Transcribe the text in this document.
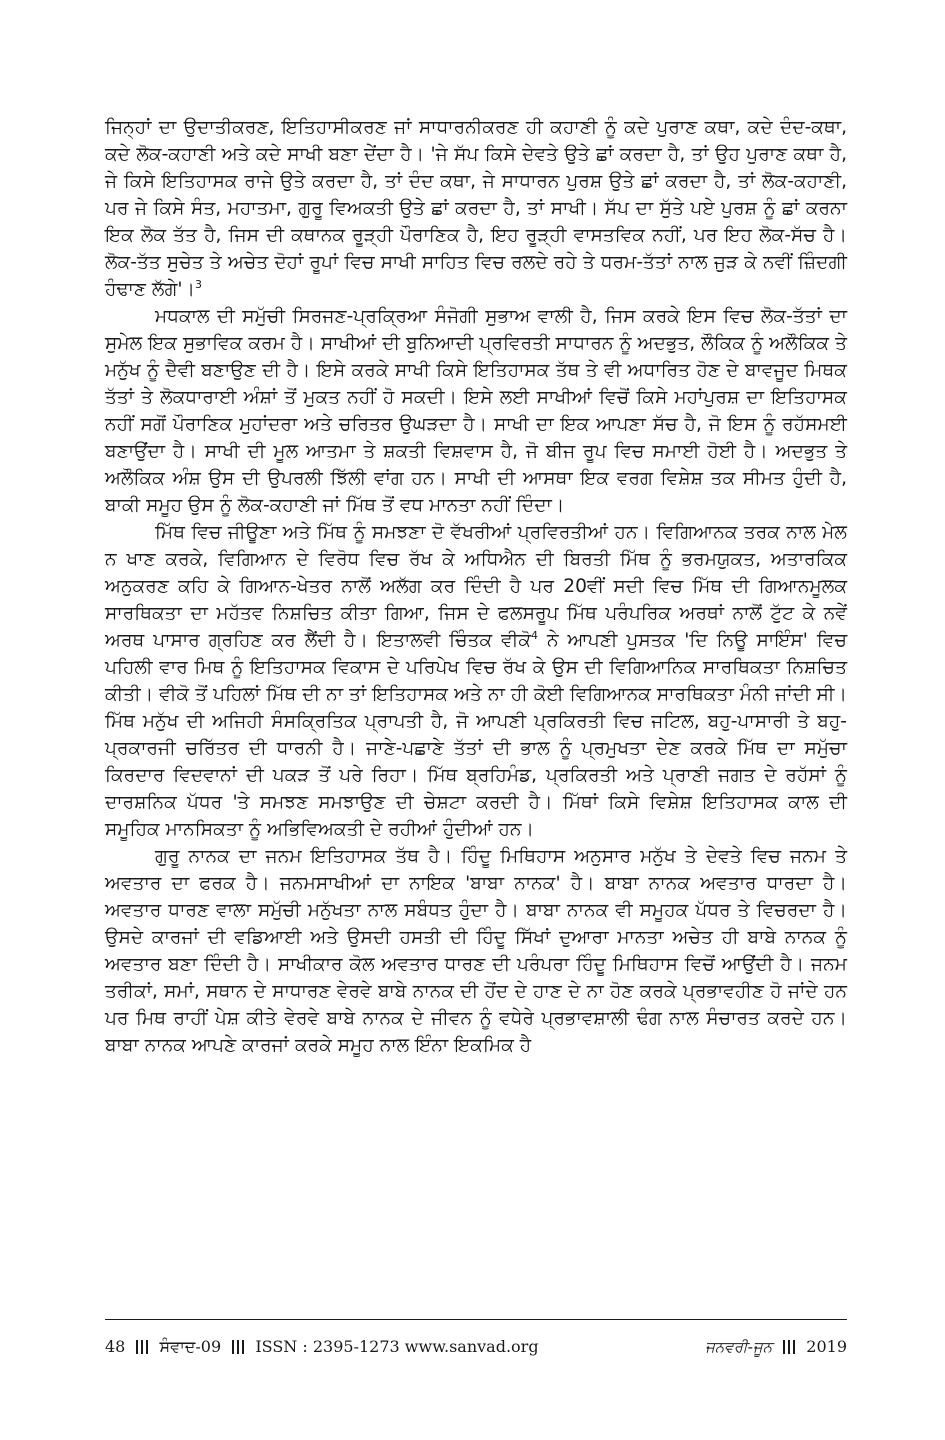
ਜਿਨ੍ਹਾਂ ਦਾ ਉਦਾਤੀਕਰਣ, ਇਤਿਹਾਸੀਕਰਣ ਜਾਂ ਸਾਧਾਰਨੀਕਰਣ ਹੀ ਕਹਾਣੀ ਨੂੰ ਕਦੇ ਪੁਰਾਣ ਕਥਾ, ਕਦੇ ਦੰਦ-ਕਥਾ, ਕਦੇ ਲੋਕ-ਕਹਾਣੀ ਅਤੇ ਕਦੇ ਸਾਖੀ ਬਣਾ ਦੇਂਦਾ ਹੈ। 'ਜੇ ਸੱਪ ਕਿਸੇ ਦੇਵਤੇ ਉਤੇ ਛਾਂ ਕਰਦਾ ਹੈ, ਤਾਂ ਉਹ ਪੁਰਾਣ ਕਥਾ ਹੈ, ਜੇ ਕਿਸੇ ਇਤਿਹਾਸਕ ਰਾਜੇ ਉਤੇ ਕਰਦਾ ਹੈ, ਤਾਂ ਦੰਦ ਕਥਾ, ਜੇ ਸਾਧਾਰਨ ਪੁਰਸ਼ ਉਤੇ ਛਾਂ ਕਰਦਾ ਹੈ, ਤਾਂ ਲੋਕ-ਕਹਾਣੀ, ਪਰ ਜੇ ਕਿਸੇ ਸੰਤ, ਮਹਾਤਮਾ, ਗੁਰੂ ਵਿਅਕਤੀ ਉਤੇ ਛਾਂ ਕਰਦਾ ਹੈ, ਤਾਂ ਸਾਖੀ। ਸੱਪ ਦਾ ਸੁੱਤੇ ਪਏ ਪੁਰਸ਼ ਨੂੰ ਛਾਂ ਕਰਨਾ ਇਕ ਲੋਕ ਤੱਤ ਹੈ, ਜਿਸ ਦੀ ਕਥਾਨਕ ਰੂੜ੍ਹੀ ਪੌਰਾਣਿਕ ਹੈ, ਇਹ ਰੂੜ੍ਹੀ ਵਾਸਤਵਿਕ ਨਹੀਂ, ਪਰ ਇਹ ਲੋਕ-ਸੱਚ ਹੈ। ਲੋਕ-ਤੱਤ ਸੁਚੇਤ ਤੇ ਅਚੇਤ ਦੋਹਾਂ ਰੂਪਾਂ ਵਿਚ ਸਾਖੀ ਸਾਹਿਤ ਵਿਚ ਰਲਦੇ ਰਹੇ ਤੇ ਧਰਮ-ਤੱਤਾਂ ਨਾਲ ਜੁੜ ਕੇ ਨਵੀਂ ਜ਼ਿੰਦਗੀ ਹੰਢਾਣ ਲੱਗੇ'।$^3$

ਮਧਕਾਲ ਦੀ ਸਮੁੱਚੀ ਸਿਰਜਣ-ਪ੍ਰਕ੍ਰਿਆ ਸੰਜੋਗੀ ਸੁਭਾਅ ਵਾਲੀ ਹੈ, ਜਿਸ ਕਰਕੇ ਇਸ ਵਿਚ ਲੋਕ-ਤੱਤਾਂ ਦਾ ਸੁਮੇਲ ਇਕ ਸੁਭਾਵਿਕ ਕਰਮ ਹੈ। ਸਾਖੀਆਂ ਦੀ ਬੁਨਿਆਦੀ ਪ੍ਰਵਿਰਤੀ ਸਾਧਾਰਨ ਨੂੰ ਅਦਭੁਤ, ਲੌਕਿਕ ਨੂੰ ਅਲੌਕਿਕ ਤੇ ਮਨੁੱਖ ਨੂੰ ਦੈਵੀ ਬਣਾਉਣ ਦੀ ਹੈ। ਇਸੇ ਕਰਕੇ ਸਾਖੀ ਕਿਸੇ ਇਤਿਹਾਸਕ ਤੱਥ ਤੇ ਵੀ ਅਧਾਰਿਤ ਹੋਣ ਦੇ ਬਾਵਜੂਦ ਮਿਥਕ ਤੱਤਾਂ ਤੇ ਲੋਕਧਾਰਾਈ ਅੰਸ਼ਾਂ ਤੋਂ ਮੁਕਤ ਨਹੀਂ ਹੋ ਸਕਦੀ। ਇਸੇ ਲਈ ਸਾਖੀਆਂ ਵਿਚੋਂ ਕਿਸੇ ਮਹਾਂਪੁਰਸ਼ ਦਾ ਇਤਿਹਾਸਕ ਨਹੀਂ ਸਗੋਂ ਪੌਰਾਣਿਕ ਮੁਹਾਂਦਰਾ ਅਤੇ ਚਰਿਤਰ ਉਘੜਦਾ ਹੈ। ਸਾਖੀ ਦਾ ਇਕ ਆਪਣਾ ਸੱਚ ਹੈ, ਜੋ ਇਸ ਨੂੰ ਰਹੱਸਮਈ ਬਣਾਉਂਦਾ ਹੈ। ਸਾਖੀ ਦੀ ਮੂਲ ਆਤਮਾ ਤੇ ਸ਼ਕਤੀ ਵਿਸ਼ਵਾਸ ਹੈ, ਜੋ ਬੀਜ ਰੂਪ ਵਿਚ ਸਮਾਈ ਹੋਈ ਹੈ। ਅਦਭੁਤ ਤੇ ਅਲੌਕਿਕ ਅੰਸ਼ ਉਸ ਦੀ ਉਪਰਲੀ ਝਿੱਲੀ ਵਾਂਗ ਹਨ। ਸਾਖੀ ਦੀ ਆਸਥਾ ਇਕ ਵਰਗ ਵਿਸ਼ੇਸ਼ ਤਕ ਸੀਮਤ ਹੁੰਦੀ ਹੈ, ਬਾਕੀ ਸਮੂਹ ਉਸ ਨੂੰ ਲੋਕ-ਕਹਾਣੀ ਜਾਂ ਮਿੱਥ ਤੋਂ ਵਧ ਮਾਨਤਾ ਨਹੀਂ ਦਿੰਦਾ।

ਮਿੱਥ ਵਿਚ ਜੀਊਣਾ ਅਤੇ ਮਿੱਥ ਨੂੰ ਸਮਝਣਾ ਦੋ ਵੱਖਰੀਆਂ ਪ੍ਰਵਿਰਤੀਆਂ ਹਨ। ਵਿਗਿਆਨਕ ਤਰਕ ਨਾਲ ਮੇਲ ਨ ਖਾਣ ਕਰਕੇ, ਵਿਗਿਆਨ ਦੇ ਵਿਰੋਧ ਵਿਚ ਰੱਖ ਕੇ ਅਧਿਐਨ ਦੀ ਬਿਰਤੀ ਮਿੱਥ ਨੂੰ ਭਰਮਯੁਕਤ, ਅਤਾਰਕਿਕ ਅਨੁਕਰਣ ਕਹਿ ਕੇ ਗਿਆਨ-ਖੇਤਰ ਨਾਲੋਂ ਅਲੱਗ ਕਰ ਦਿੰਦੀ ਹੈ ਪਰ 20ਵੀਂ ਸਦੀ ਵਿਚ ਮਿੱਥ ਦੀ ਗਿਆਨਮੂਲਕ ਸਾਰਥਿਕਤਾ ਦਾ ਮਹੱਤਵ ਨਿਸ਼ਚਿਤ ਕੀਤਾ ਗਿਆ, ਜਿਸ ਦੇ ਫਲਸਰੂਪ ਮਿੱਥ ਪਰੰਪਰਿਕ ਅਰਥਾਂ ਨਾਲੋਂ ਟੁੱਟ ਕੇ ਨਵੇਂ ਅਰਥ ਪਾਸਾਰ ਗ੍ਰਹਿਣ ਕਰ ਲੈਂਦੀ ਹੈ। ਇਤਾਲਵੀ ਚਿੰਤਕ ਵੀਕੋ$^4$ ਨੇ ਆਪਣੀ ਪੁਸਤਕ 'ਦਿ ਨਿਊ ਸਾਇੰਸ' ਵਿਚ ਪਹਿਲੀ ਵਾਰ ਮਿਥ ਨੂੰ ਇਤਿਹਾਸਕ ਵਿਕਾਸ ਦੇ ਪਰਿਪੇਖ ਵਿਚ ਰੱਖ ਕੇ ਉਸ ਦੀ ਵਿਗਿਆਨਿਕ ਸਾਰਥਿਕਤਾ ਨਿਸ਼ਚਿਤ ਕੀਤੀ। ਵੀਕੋ ਤੋਂ ਪਹਿਲਾਂ ਮਿੱਥ ਦੀ ਨਾ ਤਾਂ ਇਤਿਹਾਸਕ ਅਤੇ ਨਾ ਹੀ ਕੋਈ ਵਿਗਿਆਨਕ ਸਾਰਥਿਕਤਾ ਮੰਨੀ ਜਾਂਦੀ ਸੀ। ਮਿੱਥ ਮਨੁੱਖ ਦੀ ਅਜਿਹੀ ਸੰਸਕ੍ਰਿਤਿਕ ਪ੍ਰਾਪਤੀ ਹੈ, ਜੋ ਆਪਣੀ ਪ੍ਰਕਿਰਤੀ ਵਿਚ ਜਟਿਲ, ਬਹੁ-ਪਾਸਾਰੀ ਤੇ ਬਹੁ-ਪ੍ਰਕਾਰਜੀ ਚਰਿੱਤਰ ਦੀ ਧਾਰਨੀ ਹੈ। ਜਾਣੇ-ਪਛਾਣੇ ਤੱਤਾਂ ਦੀ ਭਾਲ ਨੂੰ ਪ੍ਰਮੁਖਤਾ ਦੇਣ ਕਰਕੇ ਮਿੱਥ ਦਾ ਸਮੁੱਚਾ ਕਿਰਦਾਰ ਵਿਦਵਾਨਾਂ ਦੀ ਪਕੜ ਤੋਂ ਪਰੇ ਰਿਹਾ। ਮਿੱਥ ਬ੍ਰਹਿਮੰਡ, ਪ੍ਰਕਿਰਤੀ ਅਤੇ ਪ੍ਰਾਣੀ ਜਗਤ ਦੇ ਰਹੱਸਾਂ ਨੂੰ ਦਾਰਸ਼ਨਿਕ ਪੱਧਰ 'ਤੇ ਸਮਝਣ ਸਮਝਾਉਣ ਦੀ ਚੇਸ਼ਟਾ ਕਰਦੀ ਹੈ। ਮਿੱਥਾਂ ਕਿਸੇ ਵਿਸ਼ੇਸ਼ ਇਤਿਹਾਸਕ ਕਾਲ ਦੀ ਸਮੂਹਿਕ ਮਾਨਸਿਕਤਾ ਨੂੰ ਅਭਿਵਿਅਕਤੀ ਦੇ ਰਹੀਆਂ ਹੁੰਦੀਆਂ ਹਨ।

ਗੁਰੂ ਨਾਨਕ ਦਾ ਜਨਮ ਇਤਿਹਾਸਕ ਤੱਥ ਹੈ। ਹਿੰਦੂ ਮਿਥਿਹਾਸ ਅਨੁਸਾਰ ਮਨੁੱਖ ਤੇ ਦੇਵਤੇ ਵਿਚ ਜਨਮ ਤੇ ਅਵਤਾਰ ਦਾ ਫਰਕ ਹੈ। ਜਨਮਸਾਖੀਆਂ ਦਾ ਨਾਇਕ 'ਬਾਬਾ ਨਾਨਕ' ਹੈ। ਬਾਬਾ ਨਾਨਕ ਅਵਤਾਰ ਧਾਰਦਾ ਹੈ। ਅਵਤਾਰ ਧਾਰਣ ਵਾਲਾ ਸਮੁੱਚੀ ਮਨੁੱਖਤਾ ਨਾਲ ਸਬੰਧਤ ਹੁੰਦਾ ਹੈ। ਬਾਬਾ ਨਾਨਕ ਵੀ ਸਮੂਹਕ ਪੱਧਰ ਤੇ ਵਿਚਰਦਾ ਹੈ। ਉਸਦੇ ਕਾਰਜਾਂ ਦੀ ਵਡਿਆਈ ਅਤੇ ਉਸਦੀ ਹਸਤੀ ਦੀ ਹਿੰਦੂ ਸਿੱਖਾਂ ਦੁਆਰਾ ਮਾਨਤਾ ਅਚੇਤ ਹੀ ਬਾਬੇ ਨਾਨਕ ਨੂੰ ਅਵਤਾਰ ਬਣਾ ਦਿੰਦੀ ਹੈ। ਸਾਖੀਕਾਰ ਕੋਲ ਅਵਤਾਰ ਧਾਰਣ ਦੀ ਪਰੰਪਰਾ ਹਿੰਦੂ ਮਿਥਿਹਾਸ ਵਿਚੋਂ ਆਉਂਦੀ ਹੈ। ਜਨਮ ਤਰੀਕਾਂ, ਸਮਾਂ, ਸਥਾਨ ਦੇ ਸਾਧਾਰਣ ਵੇਰਵੇ ਬਾਬੇ ਨਾਨਕ ਦੀ ਹੋਂਦ ਦੇ ਹਾਣ ਦੇ ਨਾ ਹੋਣ ਕਰਕੇ ਪ੍ਰਭਾਵਹੀਣ ਹੋ ਜਾਂਦੇ ਹਨ ਪਰ ਮਿਥ ਰਾਹੀਂ ਪੇਸ਼ ਕੀਤੇ ਵੇਰਵੇ ਬਾਬੇ ਨਾਨਕ ਦੇ ਜੀਵਨ ਨੂੰ ਵਧੇਰੇ ਪ੍ਰਭਾਵਸ਼ਾਲੀ ਢੰਗ ਨਾਲ ਸੰਚਾਰਤ ਕਰਦੇ ਹਨ। ਬਾਬਾ ਨਾਨਕ ਆਪਣੇ ਕਾਰਜਾਂ ਕਰਕੇ ਸਮੂਹ ਨਾਲ ਇੰਨਾ ਇਕਮਿਕ ਹੈ

48 ਸੰਵਾਦ-09 ISSN : 2395-1273 www.sanvad.org	ਜਨਵਰੀ-ਜੂਨ 2019
